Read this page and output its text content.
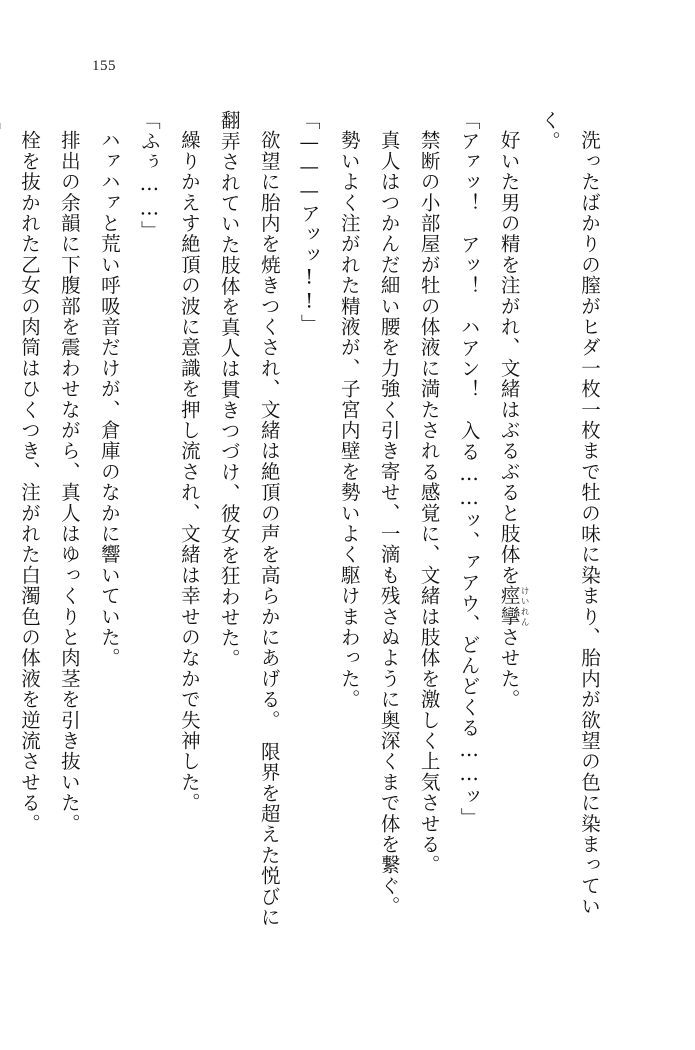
155

洗ったばかりの膣がヒダ一枚一枚まで牡の味に染まり、胎内が欲望の色に染まっていく。

好いた男の精を注がれ、文緒はぶるぶると肢体を痙攣けいれんさせた。

「アァッ！　アッ！　ハアン！　入る……ッ、ァアウ、どんどくる……ッ」

禁断の小部屋が牡の体液に満たされる感覚に、文緒は肢体を激しく上気させる。

真人はつかんだ細い腰を力強く引き寄せ、一滴も残さぬように奥深くまで体を繋ぐ。

勢いよく注がれた精液が、子宮内壁を勢いよく駆けまわった。

「———アッッ!!」

欲望に胎内を焼きつくされ、文緒は絶頂の声を高らかにあげる。　限界を超えた悦びに翻弄されていた肢体を真人は貫きつづけ、彼女を狂わせた。

繰りかえす絶頂の波に意識を押し流され、文緒は幸せのなかで失神した。

「ふぅ……」

ハァハァと荒い呼吸音だけが、倉庫のなかに響いていた。

排出の余韻に下腹部を震わせながら、真人はゆっくりと肉茎を引き抜いた。

栓を抜かれた乙女の肉筒はひくつき、注がれた白濁色の体液を逆流させる。
